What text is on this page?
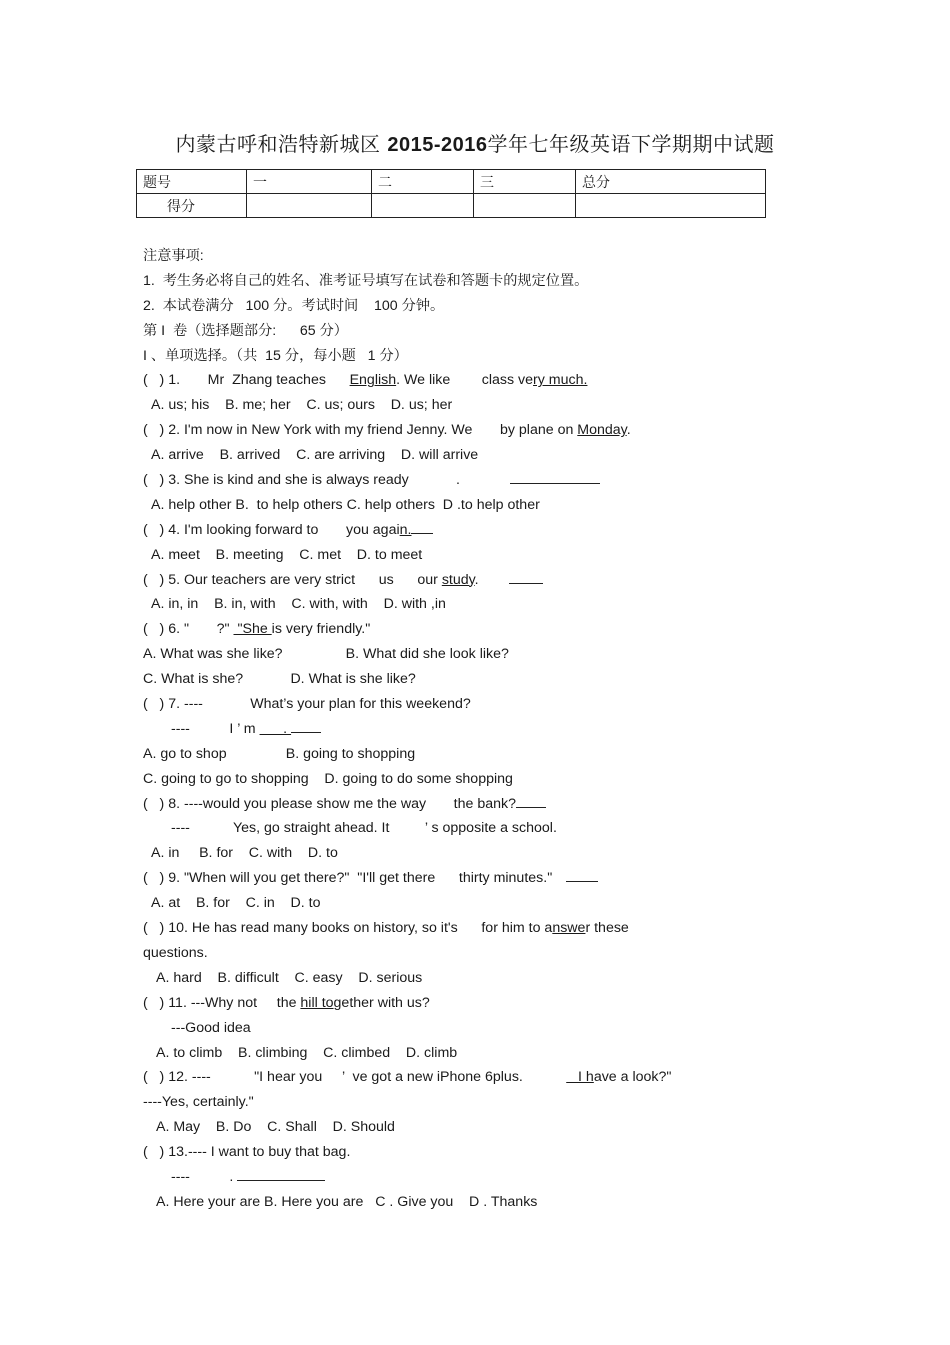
内蒙古呼和浩特新城区 2015-2016学年七年级英语下学期期中试题
题号	一	二	三	总分
得分				
注意事项:
1.  考生务必将自己的姓名、准考证号填写在试卷和答题卡的规定位置。
2.  本试卷满分   100 分。考试时间    100 分钟。
第 I  卷（选择题部分:      65 分）
I 、单项选择。（共  15 分，每小题   1 分）
(   ) 1.       Mr  Zhang teaches      English. We like        class very much.
A. us; his    B. me; her    C. us; ours    D. us; her
(   ) 2. I'm now in New York with my friend Jenny. We       by plane on Monday.
A. arrive    B. arrived    C. are arriving    D. will arrive
(   ) 3. She is kind and she is always ready            .
A. help other B.  to help others C. help others  D .to help other
(   ) 4. I'm looking forward to       you again.
A. meet    B. meeting    C. met    D. to meet
(   ) 5. Our teachers are very strict      us      our study.
A. in, in    B. in, with    C. with, with    D. with ,in
(   ) 6. "       ?"  "She is very friendly."
A. What was she like?                B. What did she look like?
C. What is she?            D. What is she like?
(   ) 7. ----            What’s your plan for this weekend?
----          I ’ m       .
A. go to shop               B. going to shopping
C. going to go to shopping    D. going to do some shopping
(   ) 8. ----would you please show me the way       the bank?
----           Yes, go straight ahead. It         ’ s opposite a school.
A. in     B. for    C. with    D. to
(   ) 9. "When will you get there?"  "I'll get there      thirty minutes."
A. at    B. for    C. in    D. to
(   ) 10. He has read many books on history, so it's      for him to answer these
questions.
A. hard    B. difficult    C. easy    D. serious
(   ) 11. ---Why not     the hill together with us?
---Good idea
A. to climb    B. climbing    C. climbed    D. climb
(   ) 12. ----           "I hear you     ’  ve got a new iPhone 6plus.              I have a look?"
----Yes, certainly."
A. May    B. Do    C. Shall    D. Should
(   ) 13.---- I want to buy that bag.
----          .
A. Here your are B. Here you are   C . Give you    D . Thanks
